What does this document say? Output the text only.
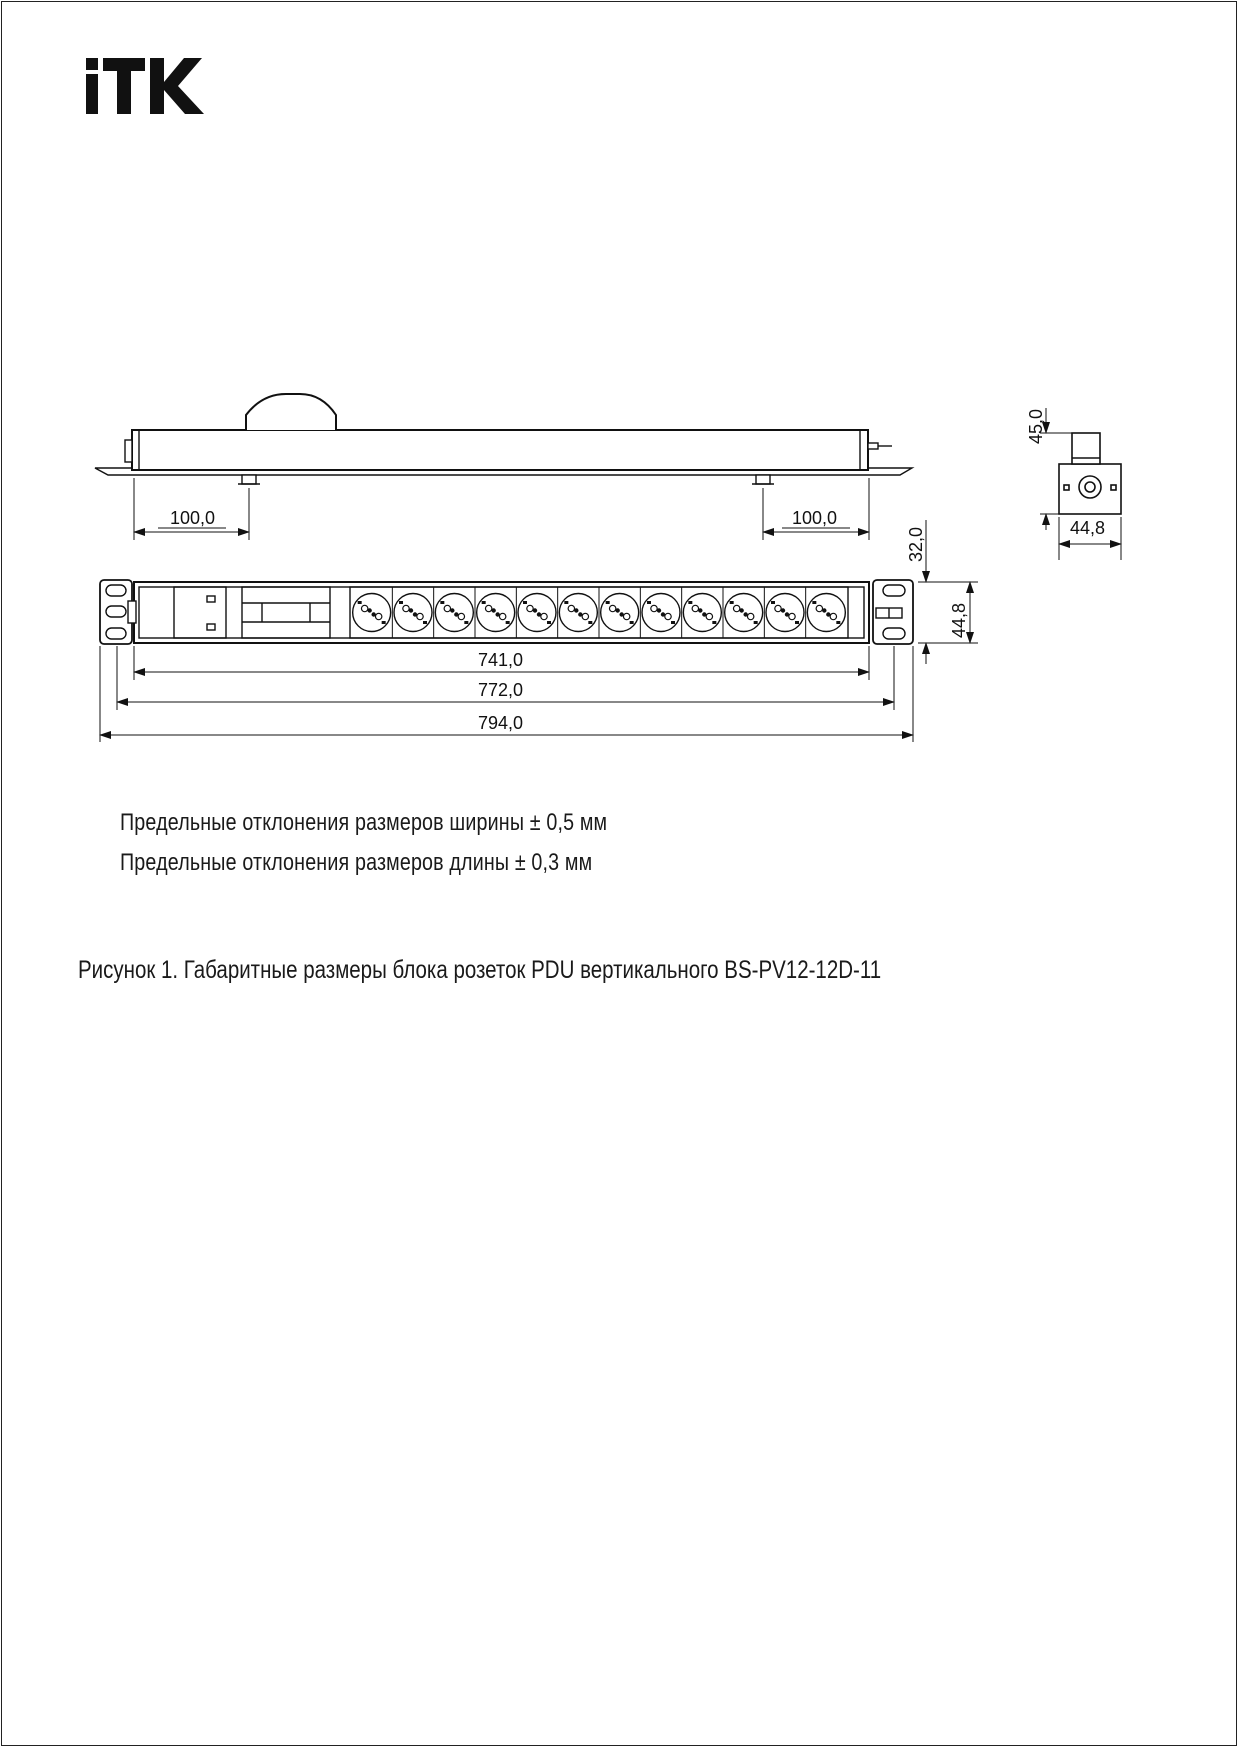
100,0	100,0
741,0
772,0
794,0
32,0
44,8
45,0
44,8
Предельные отклонения размеров ширины ± 0,5 мм
Предельные отклонения размеров длины ± 0,3 мм
Рисунок 1. Габаритные размеры блока розеток PDU вертикального BS-PV12-12D-11
